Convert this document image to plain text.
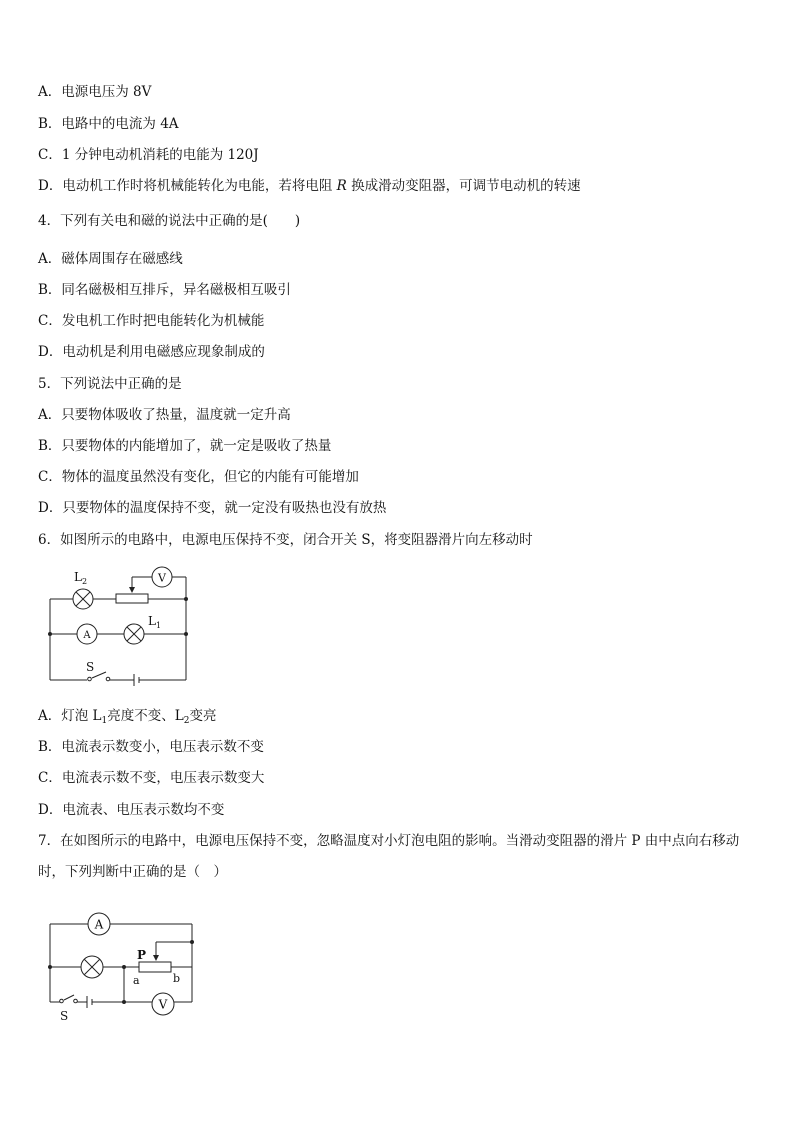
A．电源电压为 8V
B．电路中的电流为 4A
C．1 分钟电动机消耗的电能为 120J
D．电动机工作时将机械能转化为电能，若将电阻 R 换成滑动变阻器，可调节电动机的转速
4．下列有关电和磁的说法中正确的是(　　)
A．磁体周围存在磁感线
B．同名磁极相互排斥，异名磁极相互吸引
C．发电机工作时把电能转化为机械能
D．电动机是利用电磁感应现象制成的
5．下列说法中正确的是
A．只要物体吸收了热量，温度就一定升高
B．只要物体的内能增加了，就一定是吸收了热量
C．物体的温度虽然没有变化，但它的内能有可能增加
D．只要物体的温度保持不变，就一定没有吸热也没有放热
6．如图所示的电路中，电源电压保持不变，闭合开关 S，将变阻器滑片向左移动时
V
A
$L_2$
$L_1$
S
A．灯泡 $L_1$亮度不变、$L_2$变亮
B．电流表示数变小，电压表示数不变
C．电流表示数不变，电压表示数变大
D．电流表、电压表示数均不变
7．在如图所示的电路中，电源电压保持不变，忽略温度对小灯泡电阻的影响。当滑动变阻器的滑片 P 由中点向右移动
时，下列判断中正确的是（　）
A
V
P
a	b
S
